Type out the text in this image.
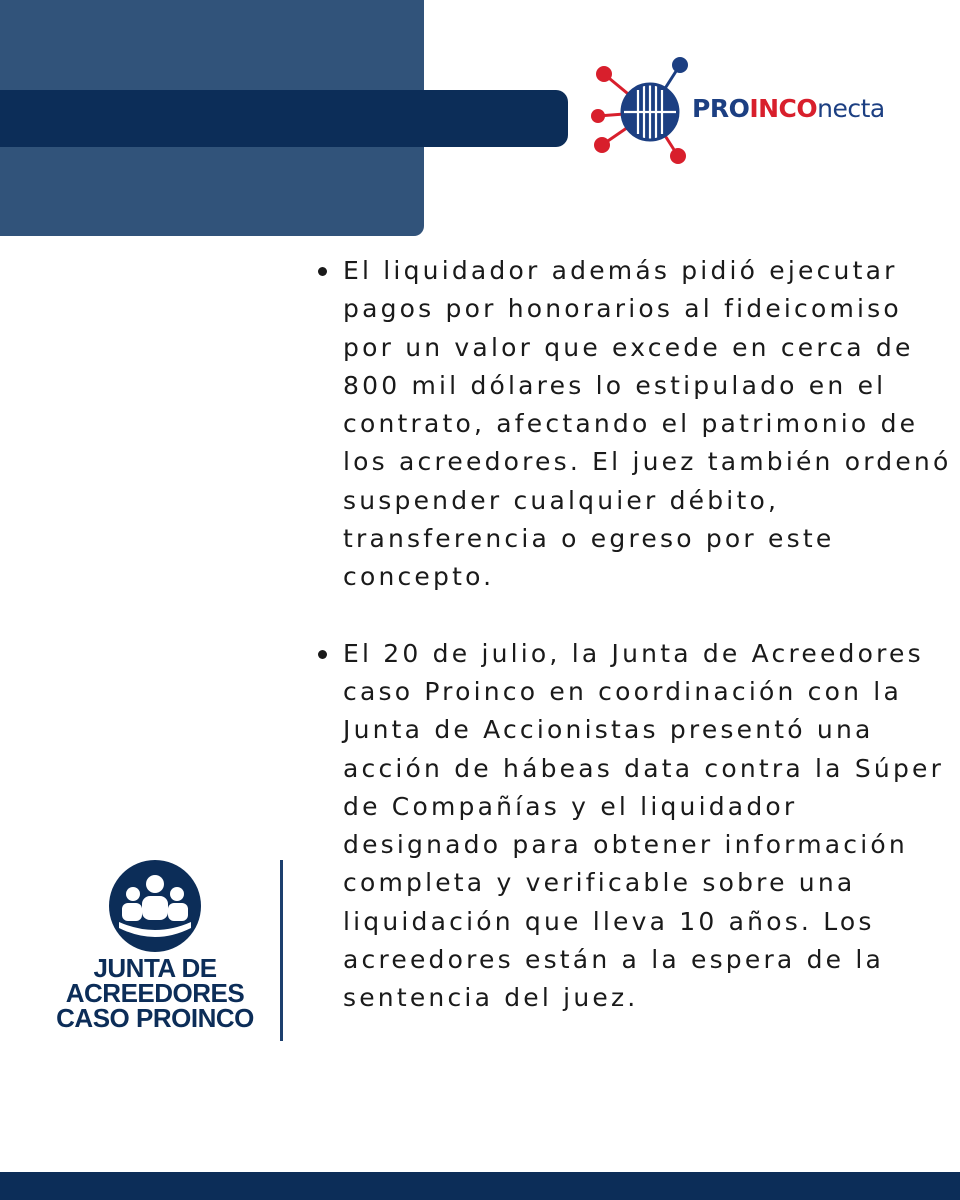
PROINCOnecta
El liquidador además pidió ejecutar pagos por honorarios al fideicomiso por un valor que excede en cerca de 800 mil dólares lo estipulado en el contrato, afectando el patrimonio de los acreedores. El juez también ordenó suspender cualquier débito, transferencia o egreso por este concepto.
El 20 de julio, la Junta de Acreedores caso Proinco en coordinación con la Junta de Accionistas presentó una acción de hábeas data contra la Súper de Compañías y el liquidador designado para obtener información completa y verificable sobre una liquidación que lleva 10 años. Los acreedores están a la espera de la sentencia del juez.
JUNTA DE
ACREEDORES
CASO PROINCO
